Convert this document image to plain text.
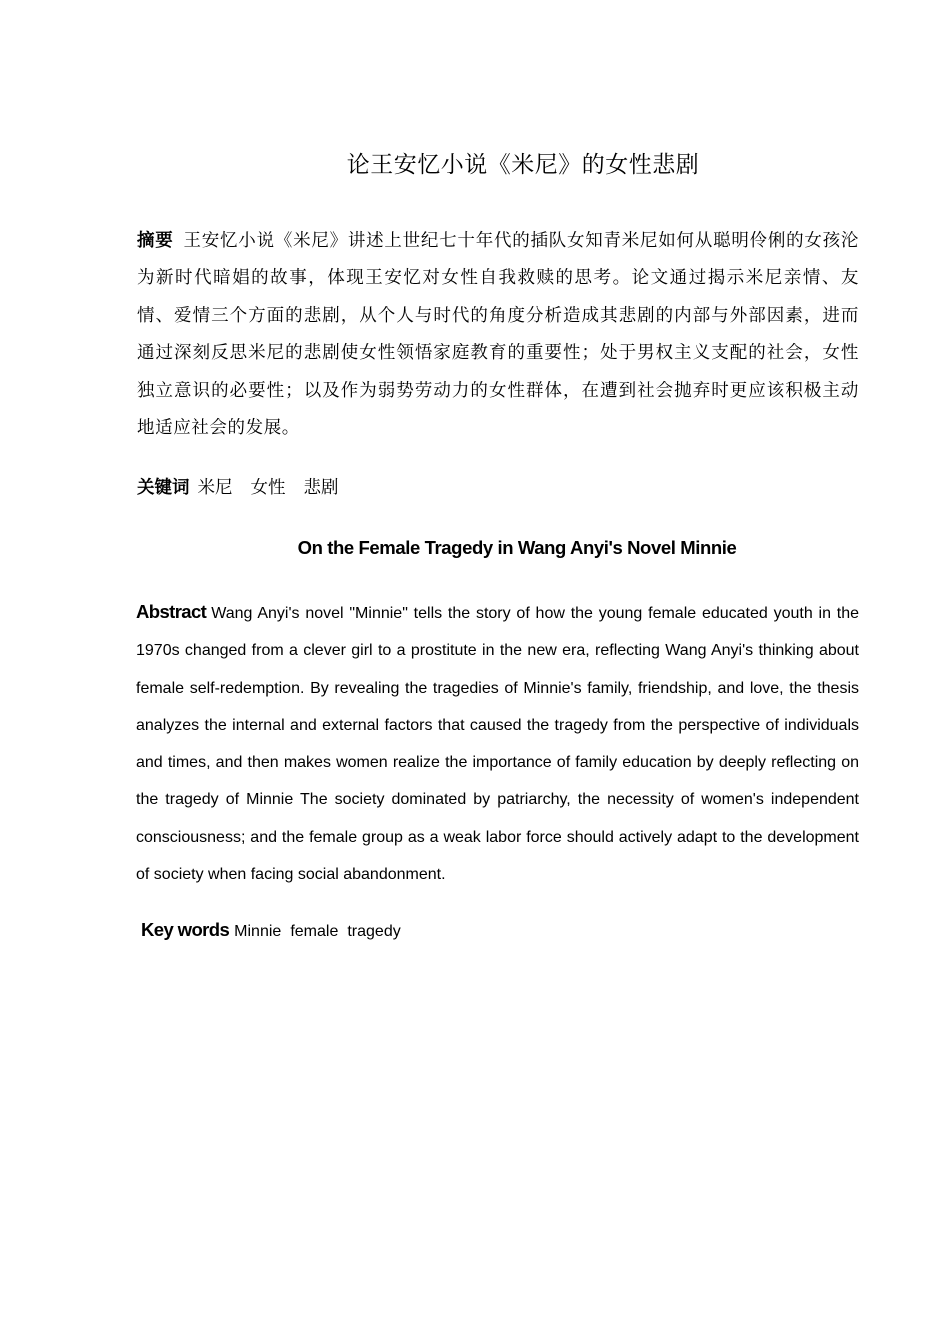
论王安忆小说《米尼》的女性悲剧
摘要 王安忆小说《米尼》讲述上世纪七十年代的插队女知青米尼如何从聪明伶俐的女孩沦为新时代暗娼的故事，体现王安忆对女性自我救赎的思考。论文通过揭示米尼亲情、友情、爱情三个方面的悲剧，从个人与时代的角度分析造成其悲剧的内部与外部因素，进而通过深刻反思米尼的悲剧使女性领悟家庭教育的重要性；处于男权主义支配的社会，女性独立意识的必要性；以及作为弱势劳动力的女性群体，在遭到社会抛弃时更应该积极主动地适应社会的发展。
关键词 米尼 女性 悲剧
On the Female Tragedy in Wang Anyi's Novel Minnie
Abstract Wang Anyi's novel "Minnie" tells the story of how the young female educated youth in the 1970s changed from a clever girl to a prostitute in the new era, reflecting Wang Anyi's thinking about female self-redemption. By revealing the tragedies of Minnie's family, friendship, and love, the thesis analyzes the internal and external factors that caused the tragedy from the perspective of individuals and times, and then makes women realize the importance of family education by deeply reflecting on the tragedy of Minnie The society dominated by patriarchy, the necessity of women's independent consciousness; and the female group as a weak labor force should actively adapt to the development of society when facing social abandonment.
Key words Minnie female tragedy
